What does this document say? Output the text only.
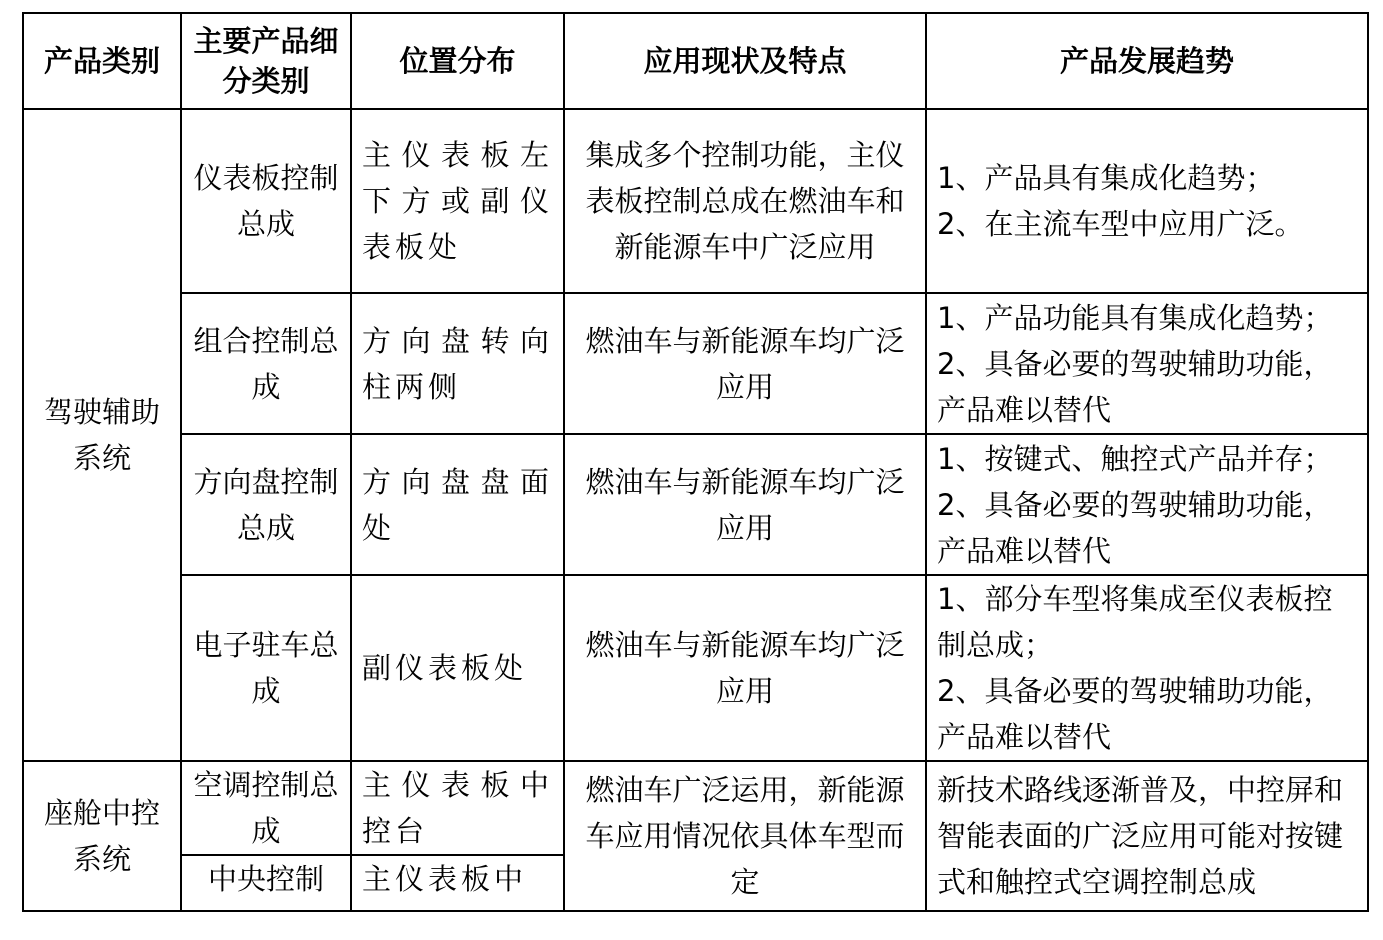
产品类别	主要产品细分类别	位置分布	应用现状及特点	产品发展趋势
驾驶辅助系统	仪表板控制总成	主仪表板左下方或副仪表板处	集成多个控制功能，主仪表板控制总成在燃油车和新能源车中广泛应用	1、产品具有集成化趋势；
2、在主流车型中应用广泛。

	组合控制总成	方向盘转向柱两侧	燃油车与新能源车均广泛应用	1、产品功能具有集成化趋势；
2、具备必要的驾驶辅助功能，产品难以替代

	方向盘控制总成	方向盘盘面处	燃油车与新能源车均广泛应用	1、按键式、触控式产品并存；
2、具备必要的驾驶辅助功能，产品难以替代

	电子驻车总成	副仪表板处	燃油车与新能源车均广泛应用	1、部分车型将集成至仪表板控制总成；
2、具备必要的驾驶辅助功能，产品难以替代

座舱中控系统	空调控制总成	主仪表板中控台	燃油车广泛运用，新能源车应用情况依具体车型而定	新技术路线逐渐普及，中控屏和智能表面的广泛应用可能对按键式和触控式空调控制总成

	中央控制	主仪表板中		
